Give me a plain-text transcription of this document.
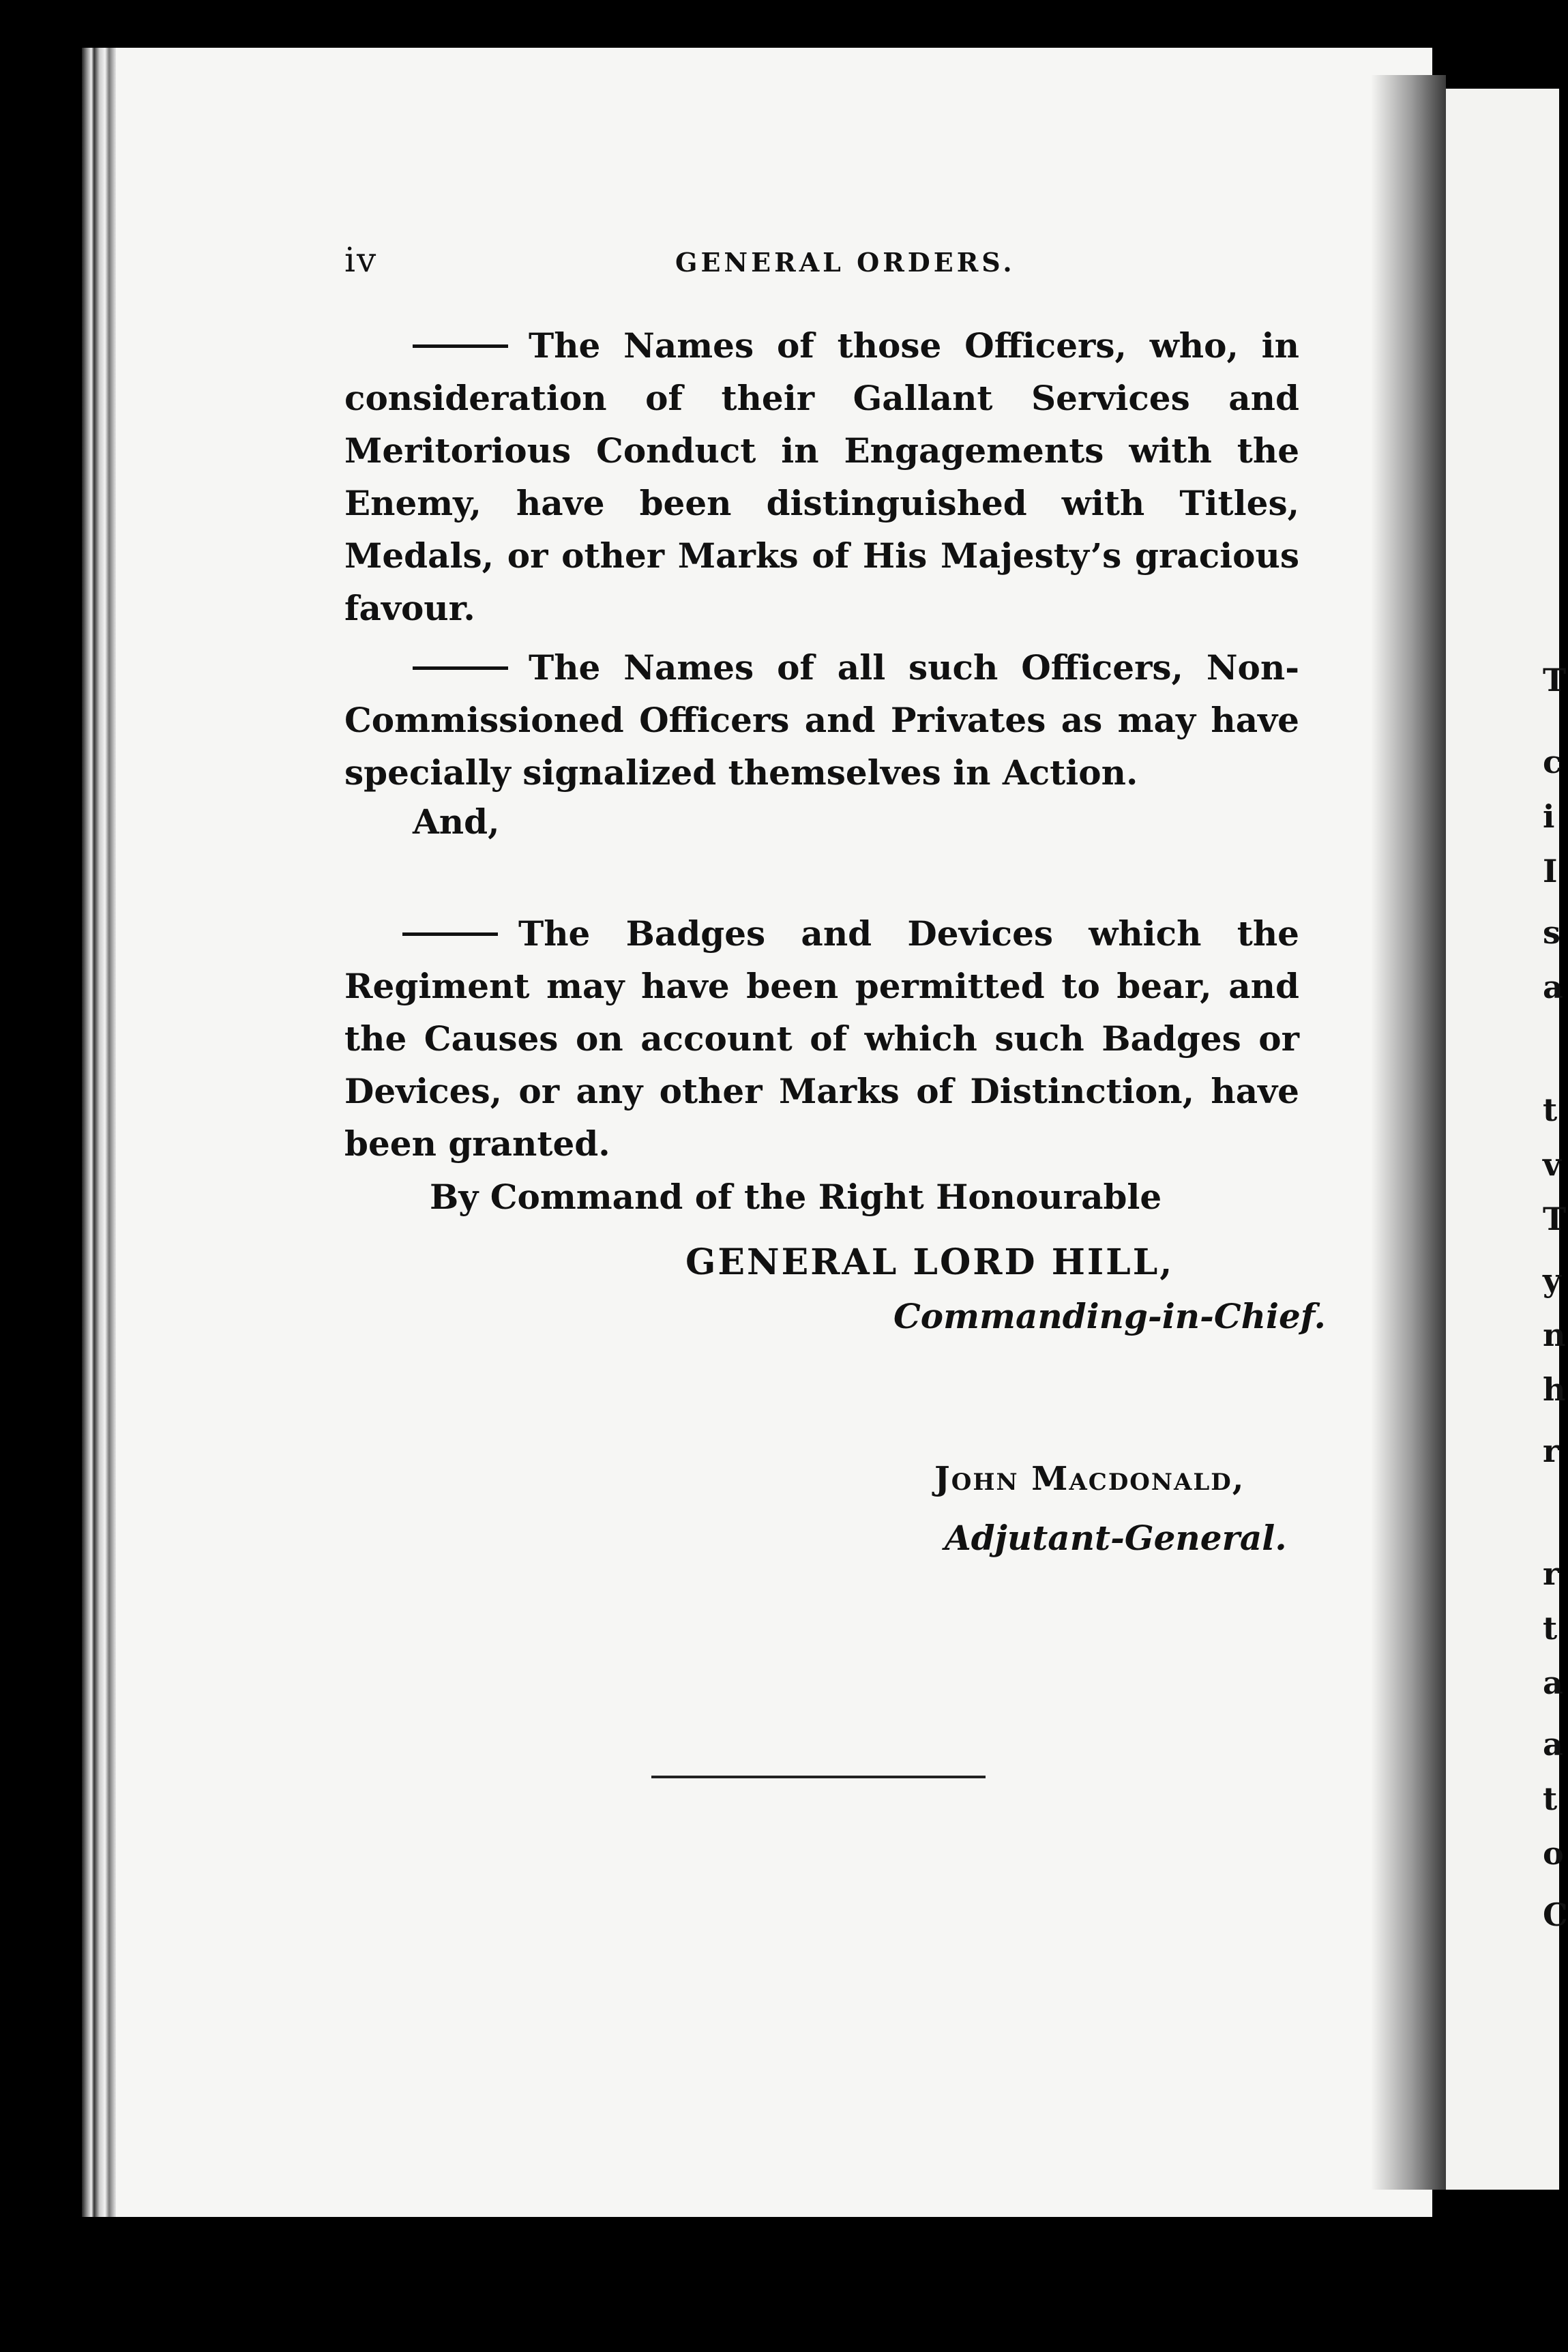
iv	GENERAL ORDERS.

The Names of those Officers, who, in consideration of their Gallant Services and Meritorious Conduct in Engagements with the Enemy, have been distinguished with Titles, Medals, or other Marks of His Majesty’s gracious favour.

The Names of all such Officers, Non-Commissioned Officers and Privates as may have specially signalized themselves in Action.

And,

The Badges and Devices which the Regiment may have been permitted to bear, and the Causes on account of which such Badges or Devices, or any other Marks of Distinction, have been granted.

By Command of the Right Honourable
GENERAL LORD HILL,
Commanding-in-Chief.
John Macdonald,
Adjutant-General.
T
c
i
I
s
a
t
v
T
y
n
h
r
r
t
a
a
t
o
C
